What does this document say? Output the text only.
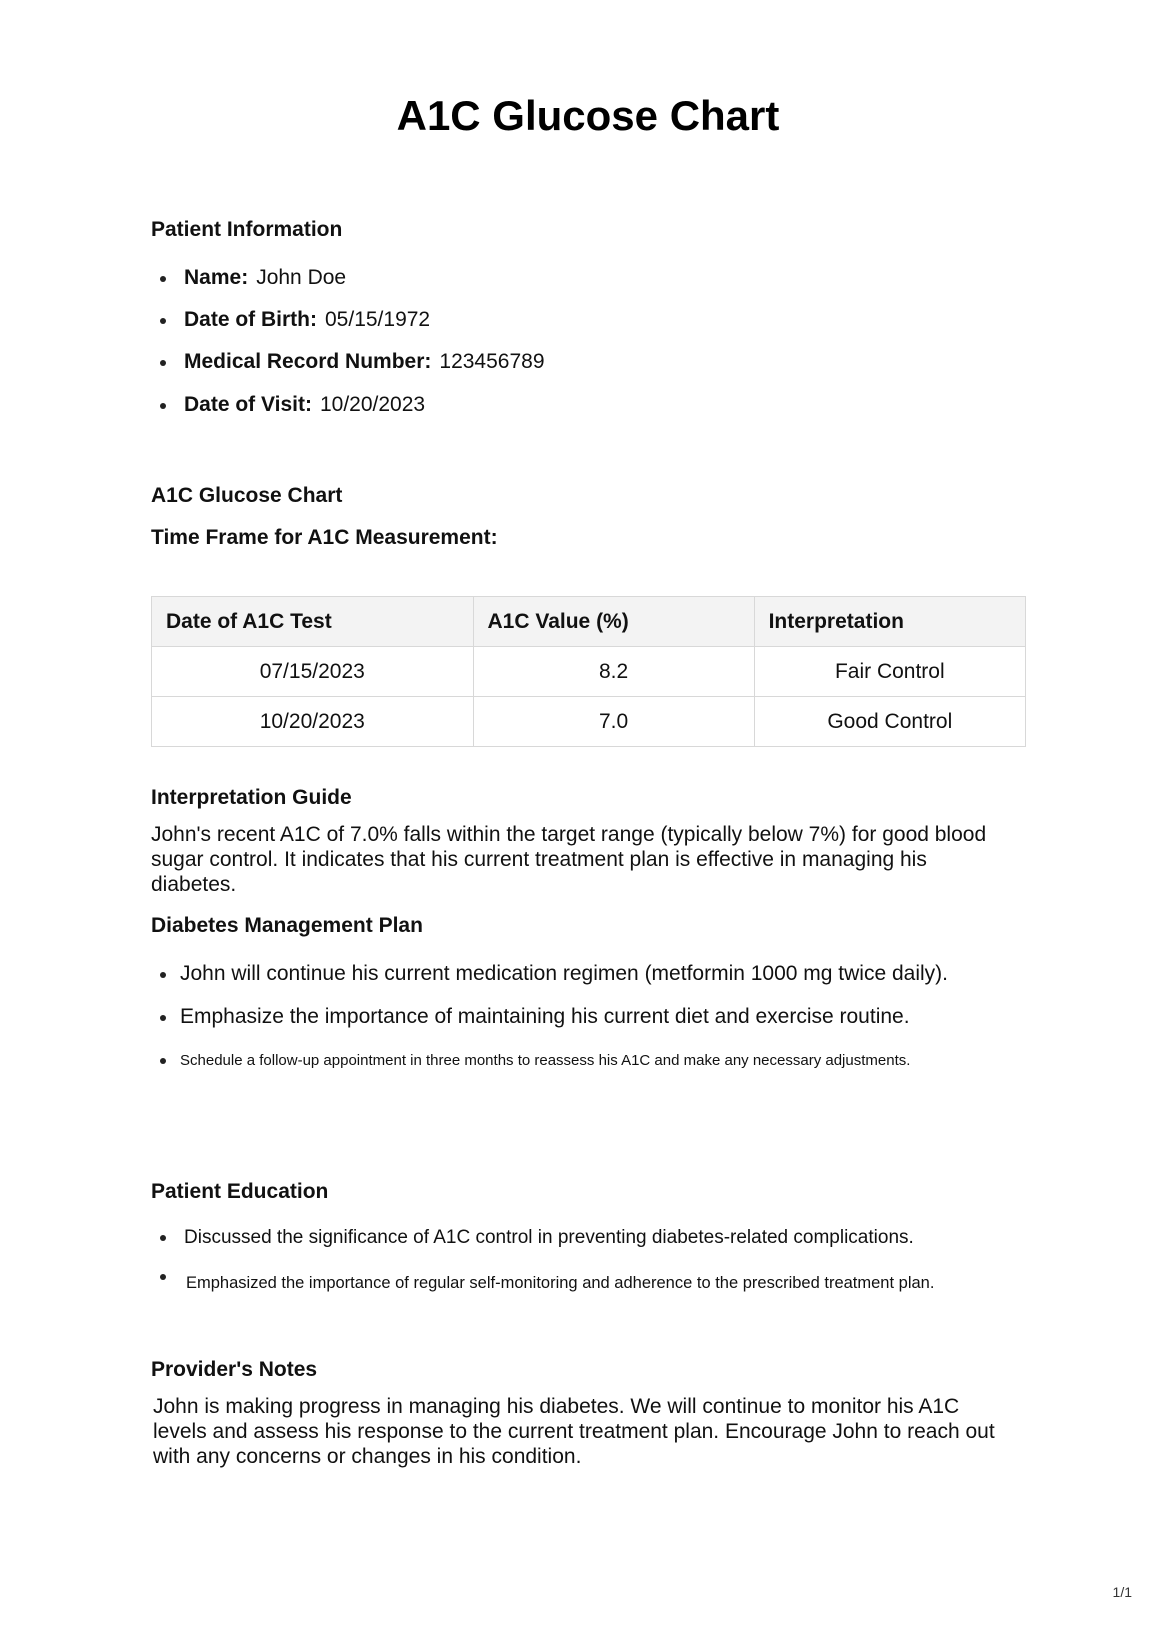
A1C Glucose Chart
Patient Information
Name: John Doe
Date of Birth: 05/15/1972
Medical Record Number: 123456789
Date of Visit: 10/20/2023
A1C Glucose Chart
Time Frame for A1C Measurement:
Date of A1C Test	A1C Value (%)	Interpretation
07/15/2023	8.2	Fair Control
10/20/2023	7.0	Good Control
Interpretation Guide
John's recent A1C of 7.0% falls within the target range (typically below 7%) for good blood
sugar control. It indicates that his current treatment plan is effective in managing his
diabetes.
Diabetes Management Plan
John will continue his current medication regimen (metformin 1000 mg twice daily).
Emphasize the importance of maintaining his current diet and exercise routine.
Schedule a follow-up appointment in three months to reassess his A1C and make any necessary adjustments.
Patient Education
Discussed the significance of A1C control in preventing diabetes-related complications.
Emphasized the importance of regular self-monitoring and adherence to the prescribed treatment plan.
Provider's Notes
John is making progress in managing his diabetes. We will continue to monitor his A1C
levels and assess his response to the current treatment plan. Encourage John to reach out
with any concerns or changes in his condition.
1/1
